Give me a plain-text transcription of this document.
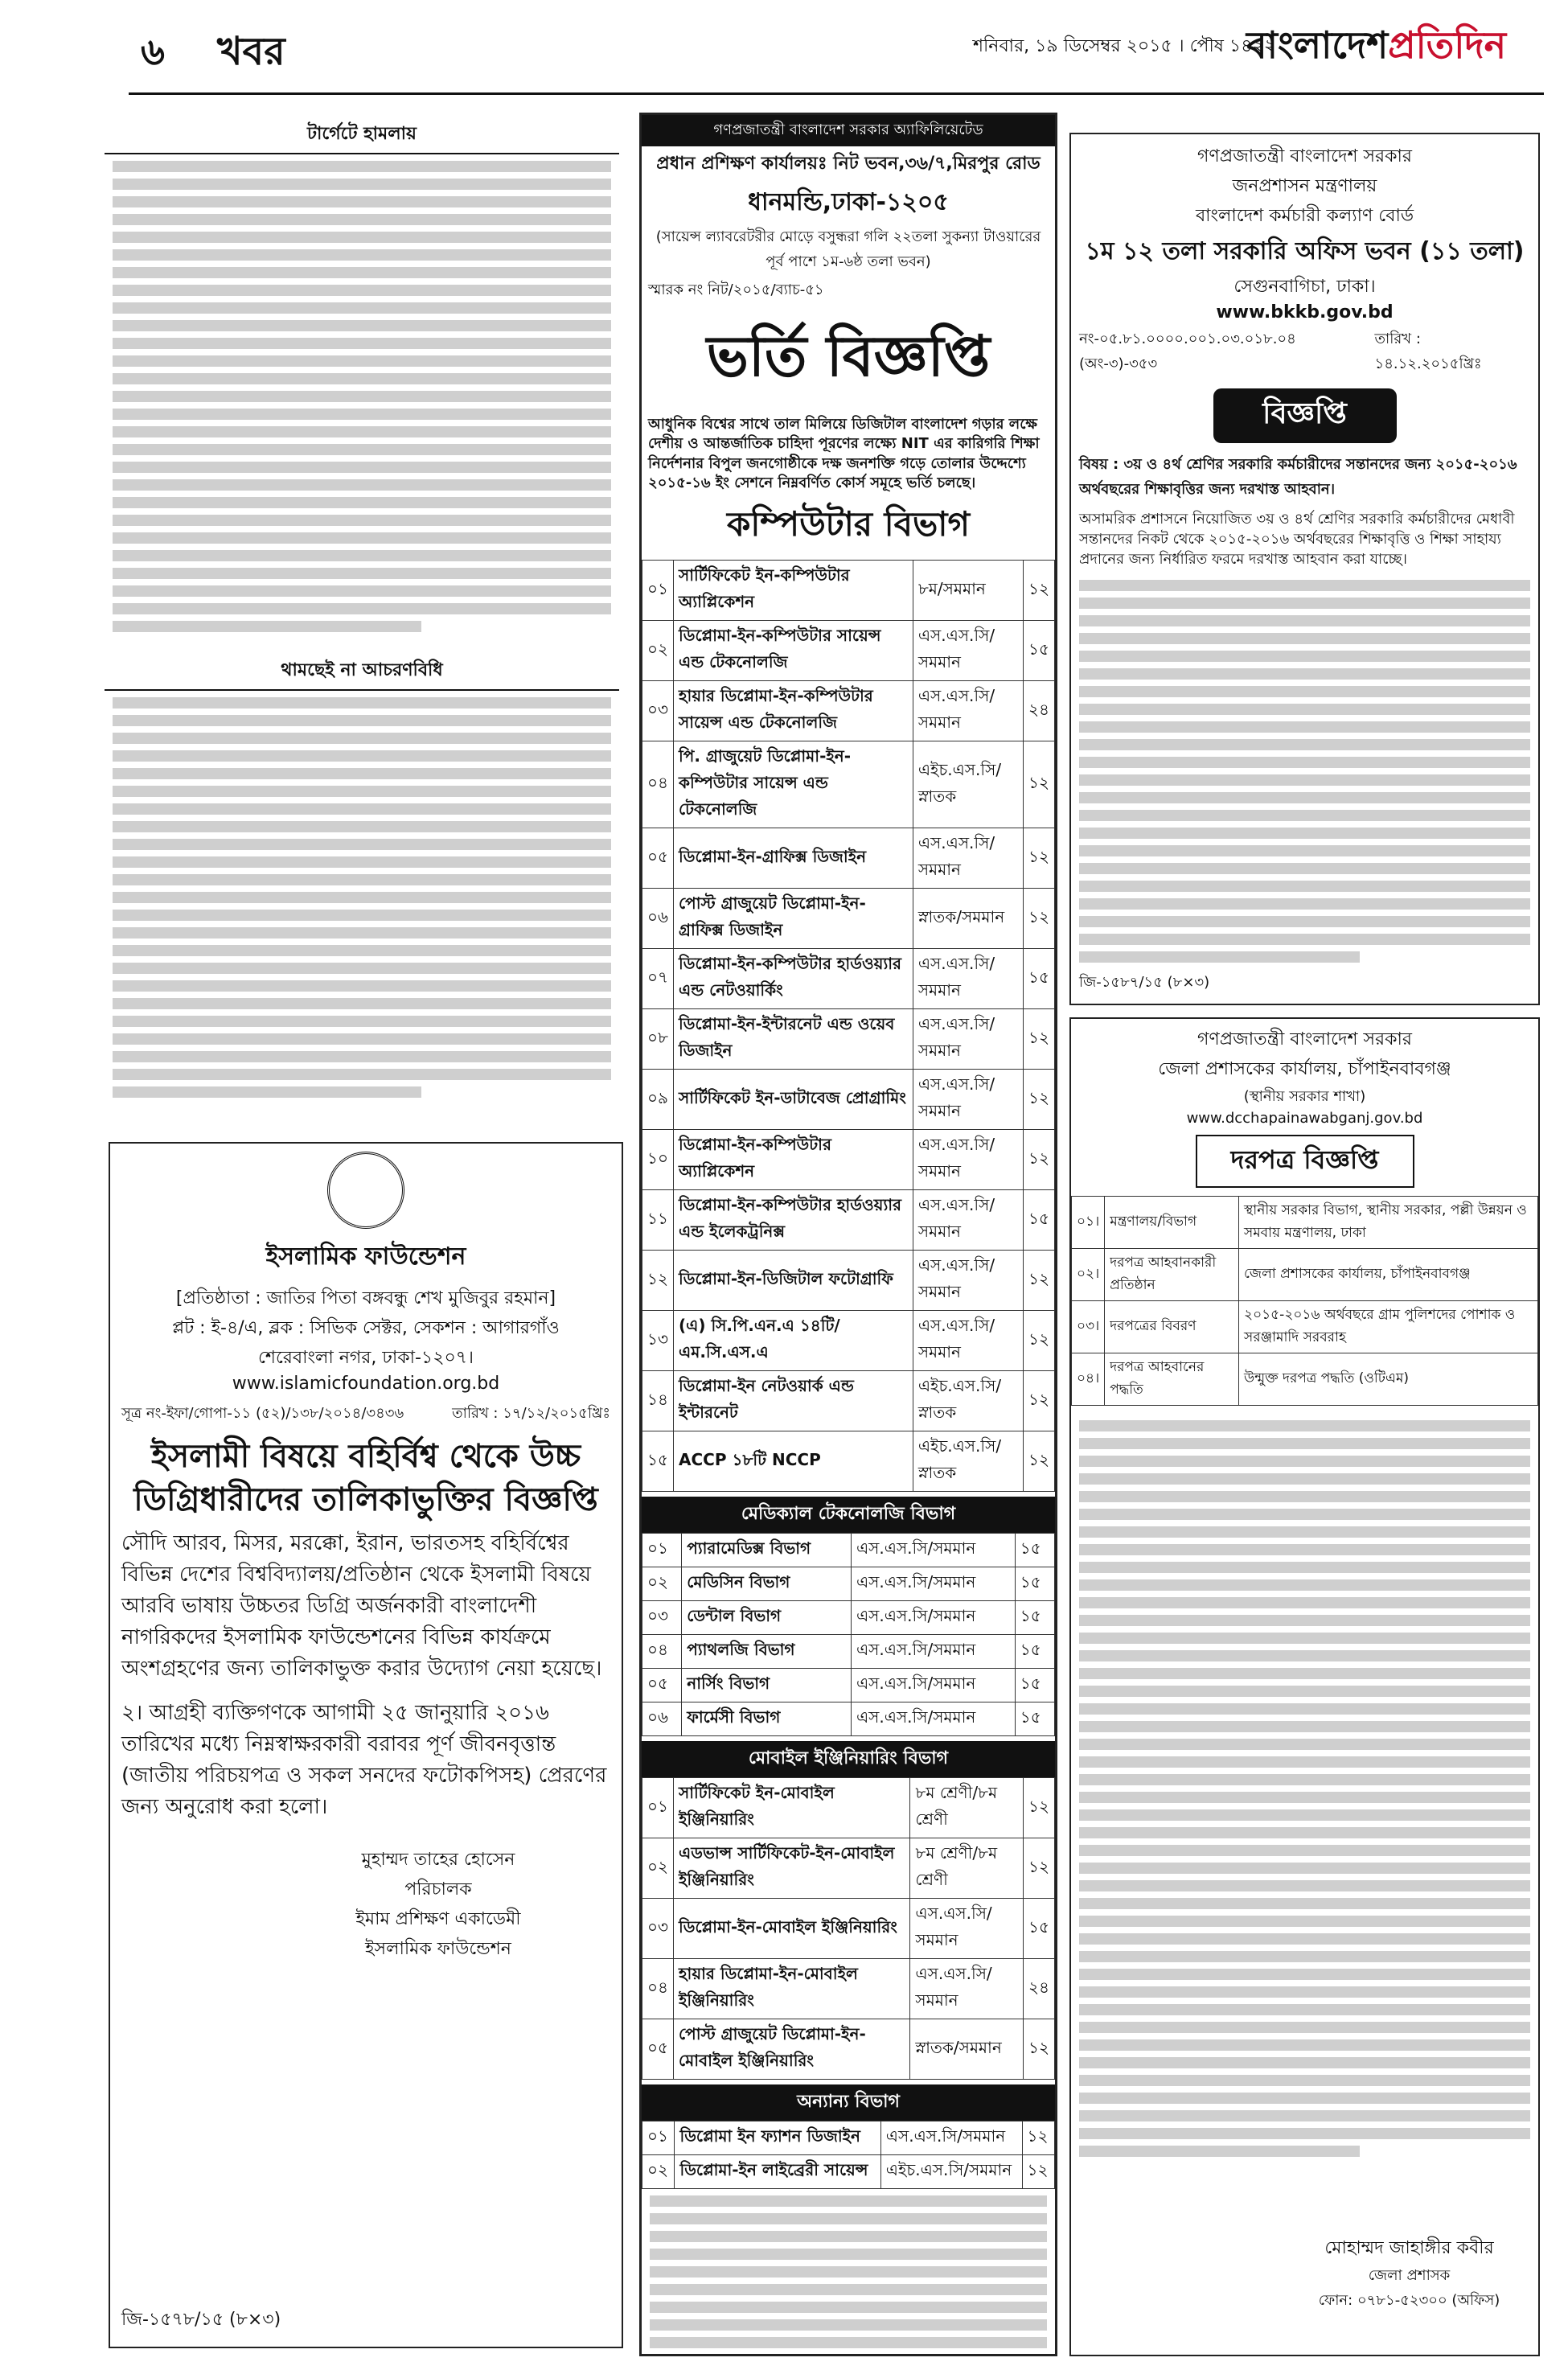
৬ খবর	শনিবার, ১৯ ডিসেম্বর ২০১৫ । পৌষ ১৪২২
বাংলাদেশপ্রতিদিন
টার্গেটে হামলায়
থামছেই না আচরণবিধি
ইসলামিক ফাউন্ডেশন
[প্রতিষ্ঠাতা : জাতির পিতা বঙ্গবন্ধু শেখ মুজিবুর রহমান]
প্লট : ই-৪/এ, ব্লক : সিভিক সেক্টর, সেকশন : আগারগাঁও
শেরেবাংলা নগর, ঢাকা-১২০৭।
www.islamicfoundation.org.bd
সূত্র নং-ইফা/গোপা-১১ (৫২)/১৩৮/২০১৪/৩৪৩৬	তারিখ : ১৭/১২/২০১৫খ্রিঃ
ইসলামী বিষয়ে বহির্বিশ্ব থেকে উচ্চ ডিগ্রিধারীদের তালিকাভুক্তির বিজ্ঞপ্তি
সৌদি আরব, মিসর, মরক্কো, ইরান, ভারতসহ বহির্বিশ্বের বিভিন্ন দেশের বিশ্ববিদ্যালয়/প্রতিষ্ঠান থেকে ইসলামী বিষয়ে আরবি ভাষায় উচ্চতর ডিগ্রি অর্জনকারী বাংলাদেশী নাগরিকদের ইসলামিক ফাউন্ডেশনের বিভিন্ন কার্যক্রমে অংশগ্রহণের জন্য তালিকাভুক্ত করার উদ্যোগ নেয়া হয়েছে।
২। আগ্রহী ব্যক্তিগণকে আগামী ২৫ জানুয়ারি ২০১৬ তারিখের মধ্যে নিম্নস্বাক্ষরকারী বরাবর পূর্ণ জীবনবৃত্তান্ত (জাতীয় পরিচয়পত্র ও সকল সনদের ফটোকপিসহ) প্রেরণের জন্য অনুরোধ করা হলো।
মুহাম্মদ তাহের হোসেন
পরিচালক
ইমাম প্রশিক্ষণ একাডেমী
ইসলামিক ফাউন্ডেশন
জি-১৫৭৮/১৫ (৮×৩)
গণপ্রজাতন্ত্রী বাংলাদেশ সরকার অ্যাফিলিয়েটেড
প্রধান প্রশিক্ষণ কার্যালয়ঃ নিট ভবন,৩৬/৭,মিরপুর রোড
ধানমন্ডি,ঢাকা-১২০৫
(সায়েন্স ল্যাবরেটরীর মোড়ে বসুন্ধরা গলি ২২তলা সুকন্যা টাওয়ারের পূর্ব পাশে ১ম-৬ষ্ঠ তলা ভবন)
স্মারক নং নিট/২০১৫/ব্যাচ-৫১
ভর্তি বিজ্ঞপ্তি
আধুনিক বিশ্বের সাথে তাল মিলিয়ে ডিজিটাল বাংলাদেশ গড়ার লক্ষে দেশীয় ও আন্তর্জাতিক চাহিদা পূরণের লক্ষ্যে NIT এর কারিগরি শিক্ষা নির্দেশনার বিপুল জনগোষ্ঠীকে দক্ষ জনশক্তি গড়ে তোলার উদ্দেশ্যে ২০১৫-১৬ ইং সেশনে নিম্নবর্ণিত কোর্স সমূহে ভর্তি চলছে।
কম্পিউটার বিভাগ
০১	সার্টিফিকেট ইন-কম্পিউটার অ্যাপ্লিকেশন	৮ম/সমমান	১২
০২	ডিপ্লোমা-ইন-কম্পিউটার সায়েন্স এন্ড টেকনোলজি	এস.এস.সি/সমমান	১৫
০৩	হায়ার ডিপ্লোমা-ইন-কম্পিউটার সায়েন্স এন্ড টেকনোলজি	এস.এস.সি/সমমান	২৪
০৪	পি. গ্রাজুয়েট ডিপ্লোমা-ইন-কম্পিউটার সায়েন্স এন্ড টেকনোলজি	এইচ.এস.সি/স্নাতক	১২
০৫	ডিপ্লোমা-ইন-গ্রাফিক্স ডিজাইন	এস.এস.সি/সমমান	১২
০৬	পোস্ট গ্রাজুয়েট ডিপ্লোমা-ইন-গ্রাফিক্স ডিজাইন	স্নাতক/সমমান	১২
০৭	ডিপ্লোমা-ইন-কম্পিউটার হার্ডওয়্যার এন্ড নেটওয়ার্কিং	এস.এস.সি/সমমান	১৫
০৮	ডিপ্লোমা-ইন-ইন্টারনেট এন্ড ওয়েব ডিজাইন	এস.এস.সি/সমমান	১২
০৯	সার্টিফিকেট ইন-ডাটাবেজ প্রোগ্রামিং	এস.এস.সি/সমমান	১২
১০	ডিপ্লোমা-ইন-কম্পিউটার অ্যাপ্লিকেশন	এস.এস.সি/সমমান	১২
১১	ডিপ্লোমা-ইন-কম্পিউটার হার্ডওয়্যার এন্ড ইলেকট্রনিক্স	এস.এস.সি/সমমান	১৫
১২	ডিপ্লোমা-ইন-ডিজিটাল ফটোগ্রাফি	এস.এস.সি/সমমান	১২
১৩	(এ) সি.পি.এন.এ ১৪টি/এম.সি.এস.এ	এস.এস.সি/সমমান	১২
১৪	ডিপ্লোমা-ইন নেটওয়ার্ক এন্ড ইন্টারনেট	এইচ.এস.সি/স্নাতক	১২
১৫	ACCP ১৮টি NCCP	এইচ.এস.সি/স্নাতক	১২
মেডিক্যাল টেকনোলজি বিভাগ
০১	প্যারামেডিক্স বিভাগ	এস.এস.সি/সমমান	১৫
০২	মেডিসিন বিভাগ	এস.এস.সি/সমমান	১৫
০৩	ডেন্টাল বিভাগ	এস.এস.সি/সমমান	১৫
০৪	প্যাথলজি বিভাগ	এস.এস.সি/সমমান	১৫
০৫	নার্সিং বিভাগ	এস.এস.সি/সমমান	১৫
০৬	ফার্মেসী বিভাগ	এস.এস.সি/সমমান	১৫
মোবাইল ইঞ্জিনিয়ারিং বিভাগ
০১	সার্টিফিকেট ইন-মোবাইল ইঞ্জিনিয়ারিং	৮ম শ্রেণী/৮ম শ্রেণী	১২
০২	এডভান্স সার্টিফিকেট-ইন-মোবাইল ইঞ্জিনিয়ারিং	৮ম শ্রেণী/৮ম শ্রেণী	১২
০৩	ডিপ্লোমা-ইন-মোবাইল ইঞ্জিনিয়ারিং	এস.এস.সি/সমমান	১৫
০৪	হায়ার ডিপ্লোমা-ইন-মোবাইল ইঞ্জিনিয়ারিং	এস.এস.সি/সমমান	২৪
০৫	পোস্ট গ্রাজুয়েট ডিপ্লোমা-ইন-মোবাইল ইঞ্জিনিয়ারিং	স্নাতক/সমমান	১২
অন্যান্য বিভাগ
০১	ডিপ্লোমা ইন ফ্যাশন ডিজাইন	এস.এস.সি/সমমান	১২
০২	ডিপ্লোমা-ইন লাইব্রেরী সায়েন্স	এইচ.এস.সি/সমমান	১২
গণপ্রজাতন্ত্রী বাংলাদেশ সরকার
জনপ্রশাসন মন্ত্রণালয়
বাংলাদেশ কর্মচারী কল্যাণ বোর্ড
১ম ১২ তলা সরকারি অফিস ভবন (১১ তলা)
সেগুনবাগিচা, ঢাকা।
www.bkkb.gov.bd
নং-০৫.৮১.০০০০.০০১.০৩.০১৮.০৪ (অং-৩)-৩৫৩
তারিখ : ১৪.১২.২০১৫খ্রিঃ
বিজ্ঞপ্তি
বিষয় : ৩য় ও ৪র্থ শ্রেণির সরকারি কর্মচারীদের সন্তানদের জন্য ২০১৫-২০১৬ অর্থবছরের শিক্ষাবৃত্তির জন্য দরখাস্ত আহবান।
অসামরিক প্রশাসনে নিয়োজিত ৩য় ও ৪র্থ শ্রেণির সরকারি কর্মচারীদের মেধাবী সন্তানদের নিকট থেকে ২০১৫-২০১৬ অর্থবছরের শিক্ষাবৃত্তি ও শিক্ষা সাহায্য প্রদানের জন্য নির্ধারিত ফরমে দরখাস্ত আহবান করা যাচ্ছে।
জি-১৫৮৭/১৫ (৮×৩)
গণপ্রজাতন্ত্রী বাংলাদেশ সরকার
জেলা প্রশাসকের কার্যালয়, চাঁপাইনবাবগঞ্জ
(স্থানীয় সরকার শাখা)
www.dcchapainawabganj.gov.bd
দরপত্র বিজ্ঞপ্তি
০১।	মন্ত্রণালয়/বিভাগ	স্থানীয় সরকার বিভাগ, স্থানীয় সরকার, পল্লী উন্নয়ন ও সমবায় মন্ত্রণালয়, ঢাকা
০২।	দরপত্র আহবানকারী প্রতিষ্ঠান	জেলা প্রশাসকের কার্যালয়, চাঁপাইনবাবগঞ্জ
০৩।	দরপত্রের বিবরণ	২০১৫-২০১৬ অর্থবছরে গ্রাম পুলিশদের পোশাক ও সরঞ্জামাদি সরবরাহ
০৪।	দরপত্র আহবানের পদ্ধতি	উন্মুক্ত দরপত্র পদ্ধতি (ওটিএম)
মোহাম্মদ জাহাঙ্গীর কবীর
জেলা প্রশাসক
ফোন: ০৭৮১-৫২৩০০ (অফিস)
